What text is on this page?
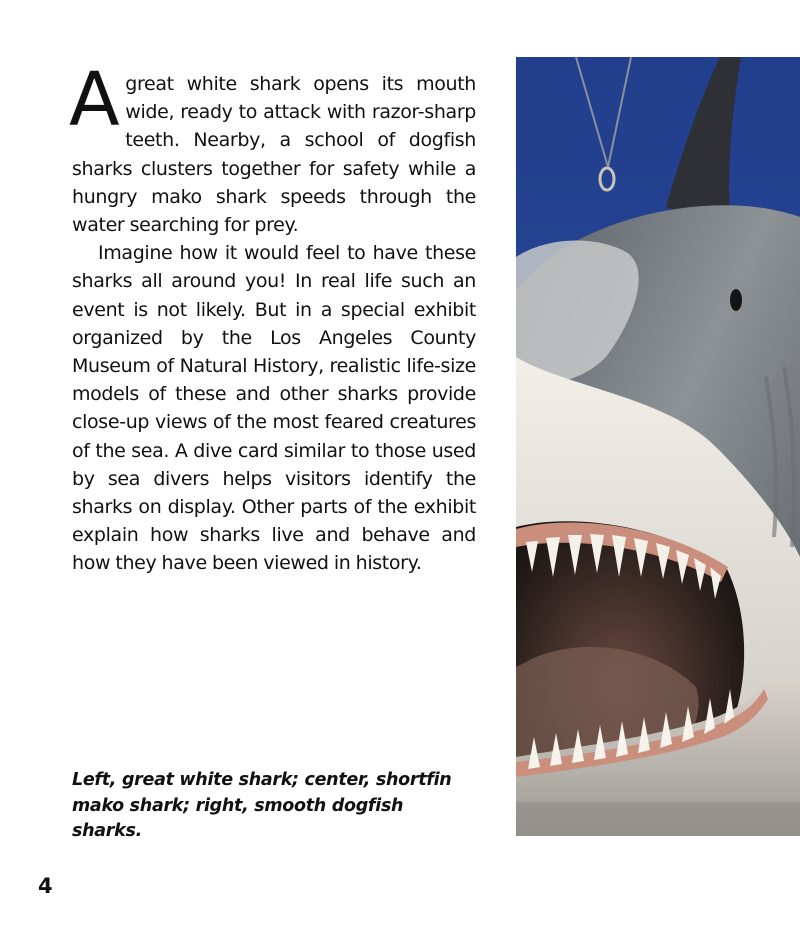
A great white shark opens its mouth wide, ready to attack with razor-sharp teeth. Nearby, a school of dogfish sharks clusters together for safety while a hungry mako shark speeds through the water searching for prey.

Imagine how it would feel to have these sharks all around you! In real life such an event is not likely. But in a special exhibit organized by the Los Angeles County Museum of Natural History, realistic life-size models of these and other sharks provide close-up views of the most feared creatures of the sea. A dive card similar to those used by sea divers helps visitors identify the sharks on display. Other parts of the exhibit explain how sharks live and behave and how they have been viewed in history.

Left, great white shark; center, shortfin mako shark; right, smooth dogfish sharks.

4
